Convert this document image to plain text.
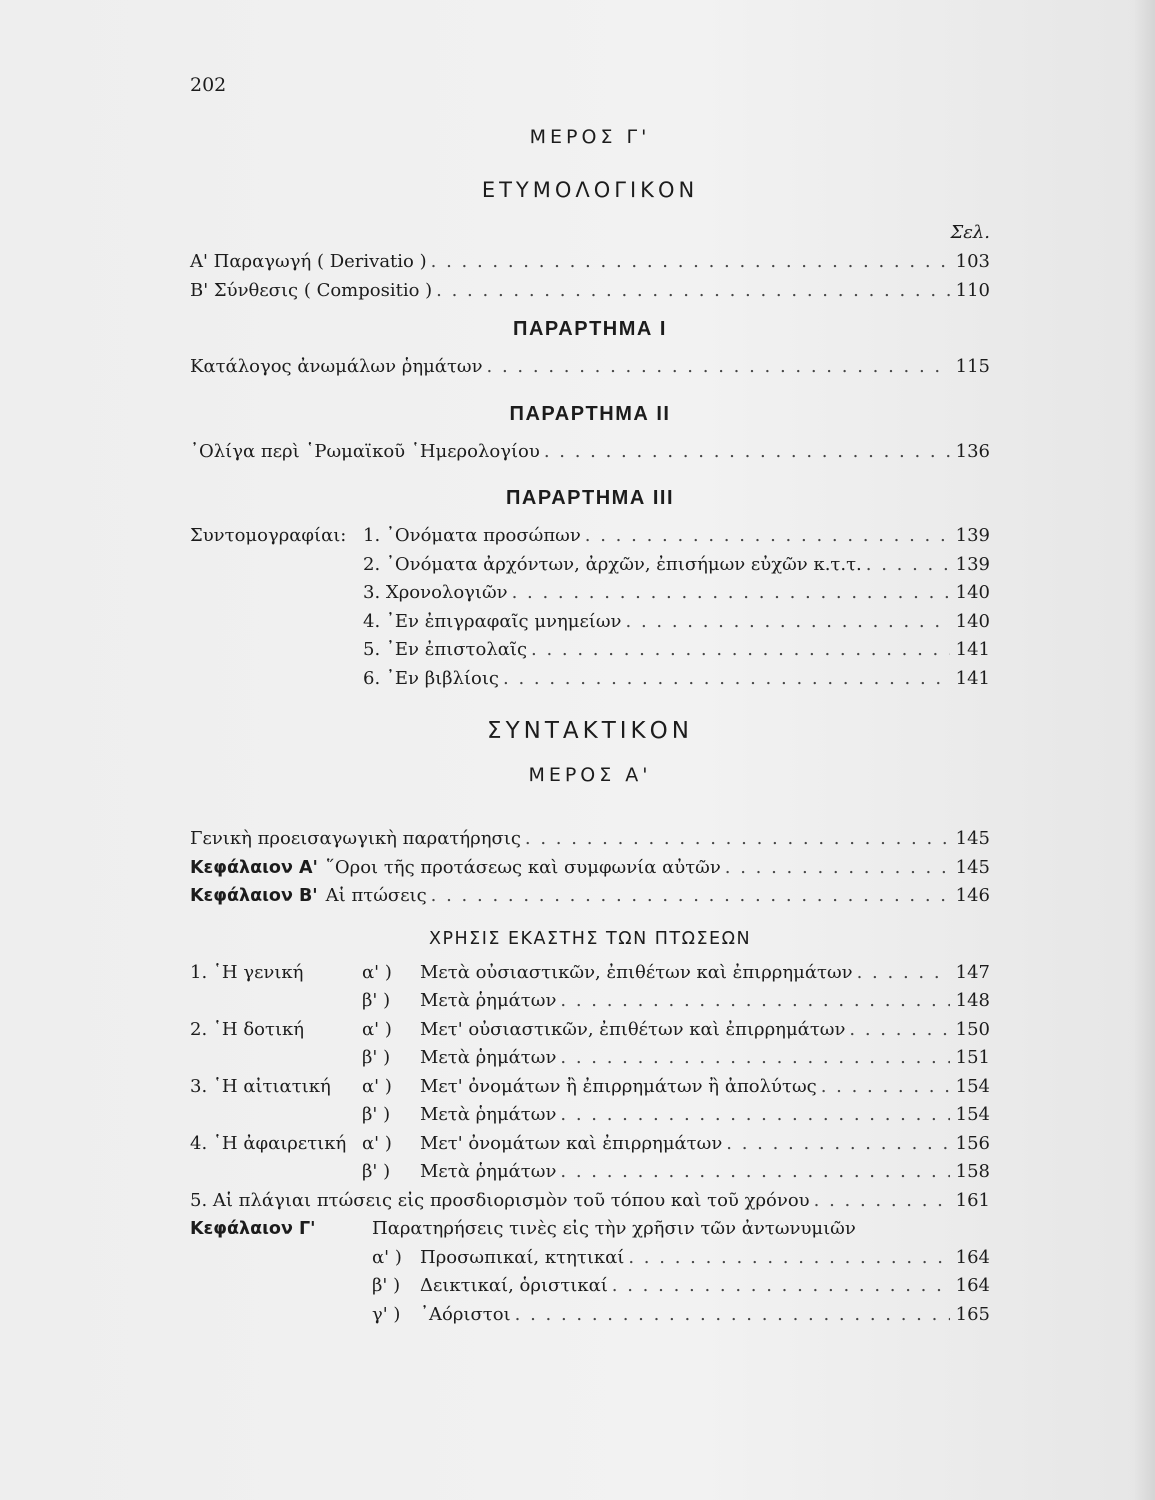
202
ΜΕΡΟΣ Γ'
ΕΤΥΜΟΛΟΓΙΚΟΝ
Σελ.
Α' Παραγωγή ( Derivatio ) . . .	103
Β' Σύνθεσις ( Compositio ) . . .	110
ΠΑΡΑΡΤΗΜΑ I
Κατάλογος ἀνωμάλων ῥημάτων . . .	115
ΠΑΡΑΡΤΗΜΑ II
᾿Ολίγα περὶ ῾Ρωμαϊκοῦ ῾Ημερολογίου . . .	136
ΠΑΡΑΡΤΗΜΑ III
Συντομογραφίαι: 1. ᾿Ονόματα προσώπων . . .	139
2. ᾿Ονόματα ἀρχόντων, ἀρχῶν, ἐπισήμων εὐχῶν κ.τ.τ. . . .	139
3. Χρονολογιῶν . . .	140
4. ᾿Εν ἐπιγραφαῖς μνημείων . . .	140
5. ᾿Εν ἐπιστολαῖς . . .	141
6. ᾿Εν βιβλίοις . . .	141
ΣΥΝΤΑΚΤΙΚΟΝ
ΜΕΡΟΣ Α'
Γενικὴ προεισαγωγικὴ παρατήρησις . . .	145
Κεφάλαιον Α' ῞Οροι τῆς προτάσεως καὶ συμφωνία αὐτῶν . . .	145
Κεφάλαιον Β' Αἱ πτώσεις . . .	146
ΧΡΗΣΙΣ ΕΚΑΣΤΗΣ ΤΩΝ ΠΤΩΣΕΩΝ
1. ῾Η γενική	α' )	Μετὰ οὐσιαστικῶν, ἐπιθέτων καὶ ἐπιρρημάτων . . .	147
β' )	Μετὰ ῥημάτων . . .	148
2. ῾Η δοτική	α' )	Μετ' οὐσιαστικῶν, ἐπιθέτων καὶ ἐπιρρημάτων . . .	150
β' )	Μετὰ ῥημάτων . . .	151
3. ῾Η αἰτιατική	α' )	Μετ' ὀνομάτων ἢ ἐπιρρημάτων ἢ ἀπολύτως . . .	154
β' )	Μετὰ ῥημάτων . . .	154
4. ῾Η ἀφαιρετική α' )	Μετ' ὀνομάτων καὶ ἐπιρρημάτων . . .	156
β' )	Μετὰ ῥημάτων . . .	158
5. Αἱ πλάγιαι πτώσεις εἰς προσδιορισμὸν τοῦ τόπου καὶ τοῦ χρόνου . . .	161
Κεφάλαιον Γ'	Παρατηρήσεις τινὲς εἰς τὴν χρῆσιν τῶν ἀντωνυμιῶν
α' )	Προσωπικαί, κτητικαί . . .	164
β' )	Δεικτικαί, ὁριστικαί . . .	164
γ' )	᾿Αόριστοι . . .	165
